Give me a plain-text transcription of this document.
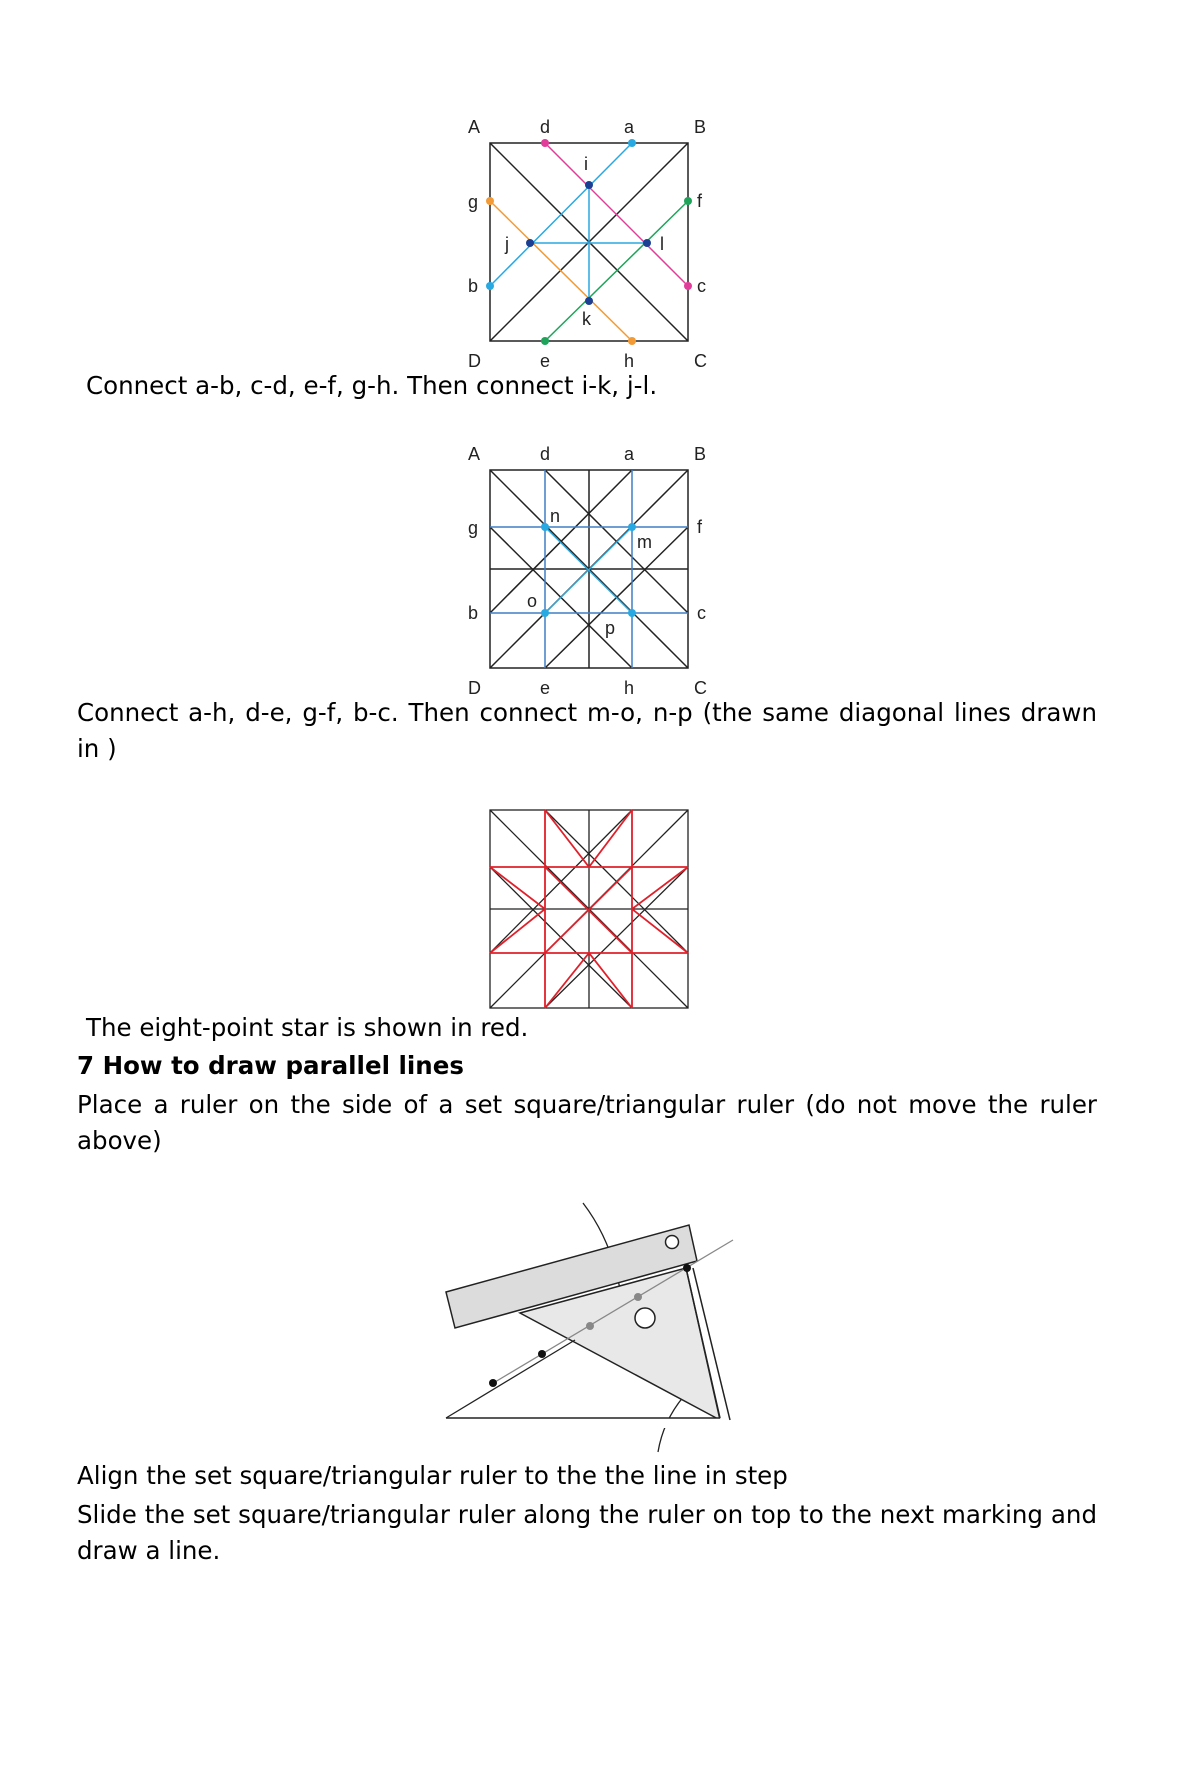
A	B
C
D
d	a
g	f
b	c
e	h
i
j
k
l

Connect a-b, c-d, e-f, g-h. Then connect i-k, j-l.

A	B
C
D
d	a
g	f
b	c
e	h
n
m
o
p

Connect a-h, d-e, g-f, b-c. Then connect m-o, n-p (the same diagonal lines drawn in )

The eight-point star is shown in red.

7 How to draw parallel lines

Place a ruler on the side of a set square/triangular ruler (do not move the ruler above)

Align the set square/triangular ruler to the the line in step

Slide the set square/triangular ruler along the ruler on top to the next marking and draw a line.
